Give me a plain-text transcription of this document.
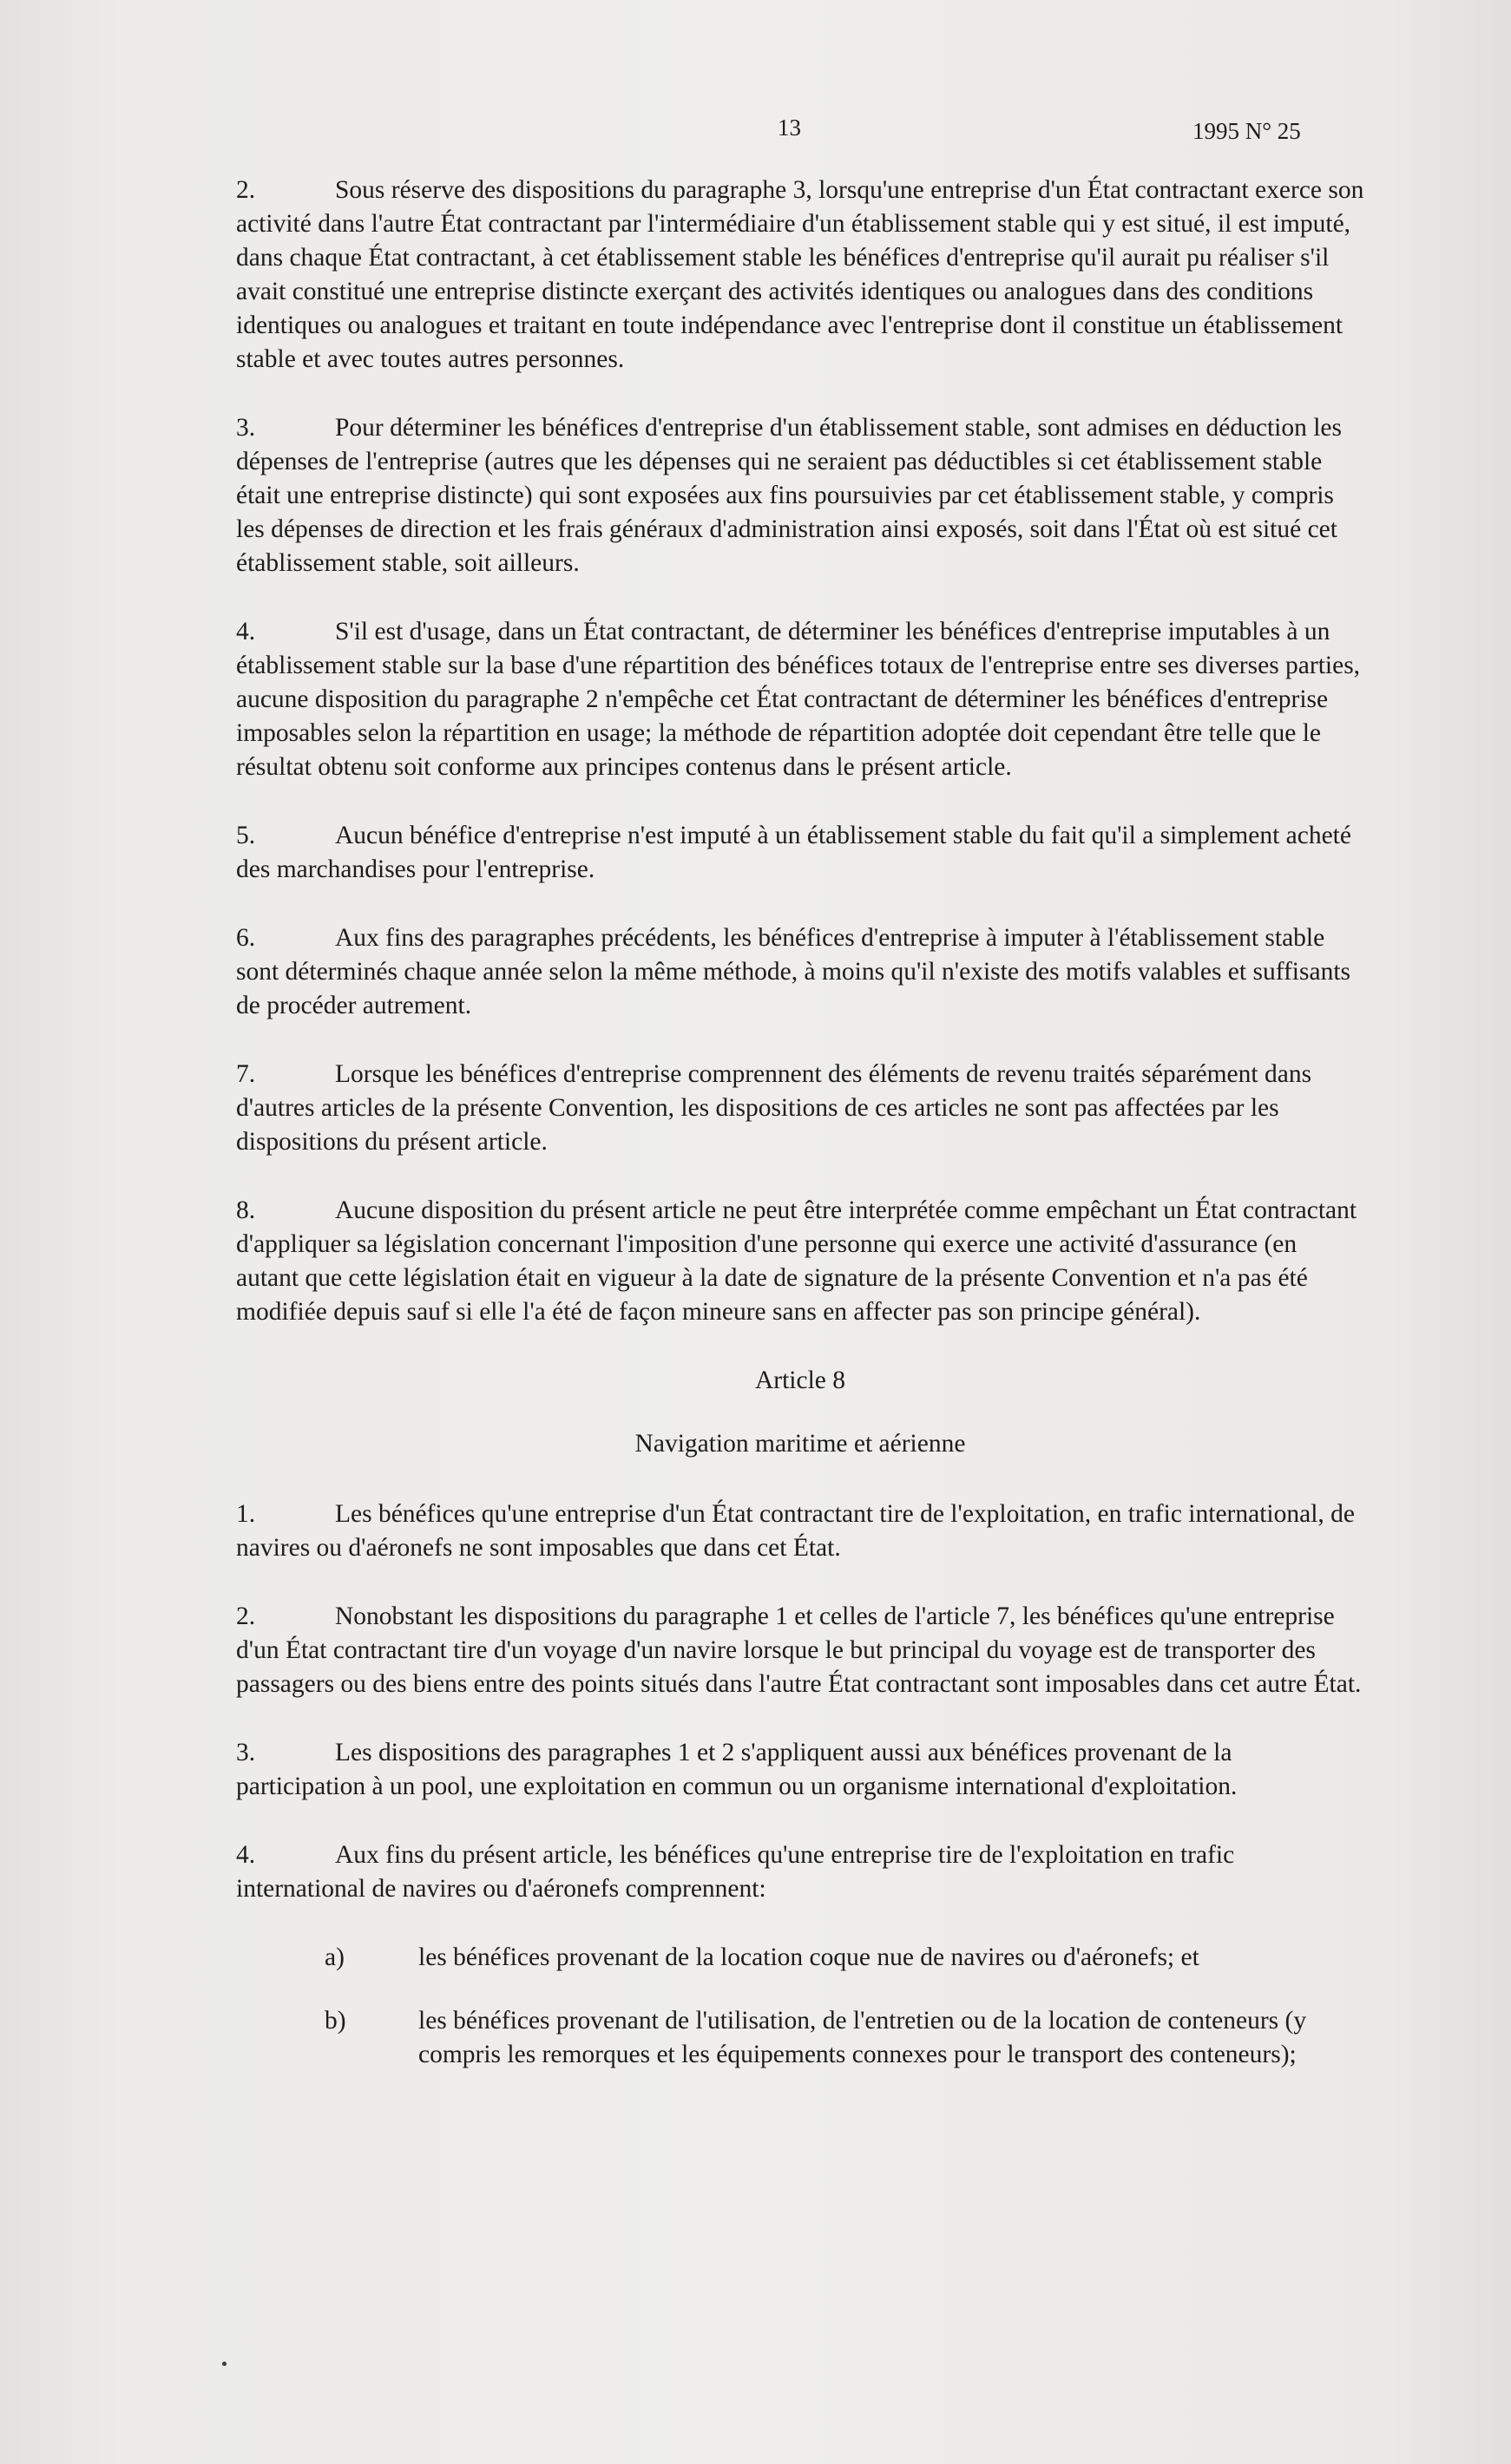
13	1995 N° 25

2.	Sous réserve des dispositions du paragraphe 3, lorsqu'une entreprise d'un État contractant exerce son activité dans l'autre État contractant par l'intermédiaire d'un établissement stable qui y est situé, il est imputé, dans chaque État contractant, à cet établissement stable les bénéfices d'entreprise qu'il aurait pu réaliser s'il avait constitué une entreprise distincte exerçant des activités identiques ou analogues dans des conditions identiques ou analogues et traitant en toute indépendance avec l'entreprise dont il constitue un établissement stable et avec toutes autres personnes.

3.	Pour déterminer les bénéfices d'entreprise d'un établissement stable, sont admises en déduction les dépenses de l'entreprise (autres que les dépenses qui ne seraient pas déductibles si cet établissement stable était une entreprise distincte) qui sont exposées aux fins poursuivies par cet établissement stable, y compris les dépenses de direction et les frais généraux d'administration ainsi exposés, soit dans l'État où est situé cet établissement stable, soit ailleurs.

4.	S'il est d'usage, dans un État contractant, de déterminer les bénéfices d'entreprise imputables à un établissement stable sur la base d'une répartition des bénéfices totaux de l'entreprise entre ses diverses parties, aucune disposition du paragraphe 2 n'empêche cet État contractant de déterminer les bénéfices d'entreprise imposables selon la répartition en usage; la méthode de répartition adoptée doit cependant être telle que le résultat obtenu soit conforme aux principes contenus dans le présent article.

5.	Aucun bénéfice d'entreprise n'est imputé à un établissement stable du fait qu'il a simplement acheté des marchandises pour l'entreprise.

6.	Aux fins des paragraphes précédents, les bénéfices d'entreprise à imputer à l'établissement stable sont déterminés chaque année selon la même méthode, à moins qu'il n'existe des motifs valables et suffisants de procéder autrement.

7.	Lorsque les bénéfices d'entreprise comprennent des éléments de revenu traités séparément dans d'autres articles de la présente Convention, les dispositions de ces articles ne sont pas affectées par les dispositions du présent article.

8.	Aucune disposition du présent article ne peut être interprétée comme empêchant un État contractant d'appliquer sa législation concernant l'imposition d'une personne qui exerce une activité d'assurance (en autant que cette législation était en vigueur à la date de signature de la présente Convention et n'a pas été modifiée depuis sauf si elle l'a été de façon mineure sans en affecter pas son principe général).

Article 8
Navigation maritime et aérienne

1.	Les bénéfices qu'une entreprise d'un État contractant tire de l'exploitation, en trafic international, de navires ou d'aéronefs ne sont imposables que dans cet État.

2.	Nonobstant les dispositions du paragraphe 1 et celles de l'article 7, les bénéfices qu'une entreprise d'un État contractant tire d'un voyage d'un navire lorsque le but principal du voyage est de transporter des passagers ou des biens entre des points situés dans l'autre État contractant sont imposables dans cet autre État.

3.	Les dispositions des paragraphes 1 et 2 s'appliquent aussi aux bénéfices provenant de la participation à un pool, une exploitation en commun ou un organisme international d'exploitation.

4.	Aux fins du présent article, les bénéfices qu'une entreprise tire de l'exploitation en trafic international de navires ou d'aéronefs comprennent:

a)	les bénéfices provenant de la location coque nue de navires ou d'aéronefs; et
b)	les bénéfices provenant de l'utilisation, de l'entretien ou de la location de conteneurs (y compris les remorques et les équipements connexes pour le transport des conteneurs);
